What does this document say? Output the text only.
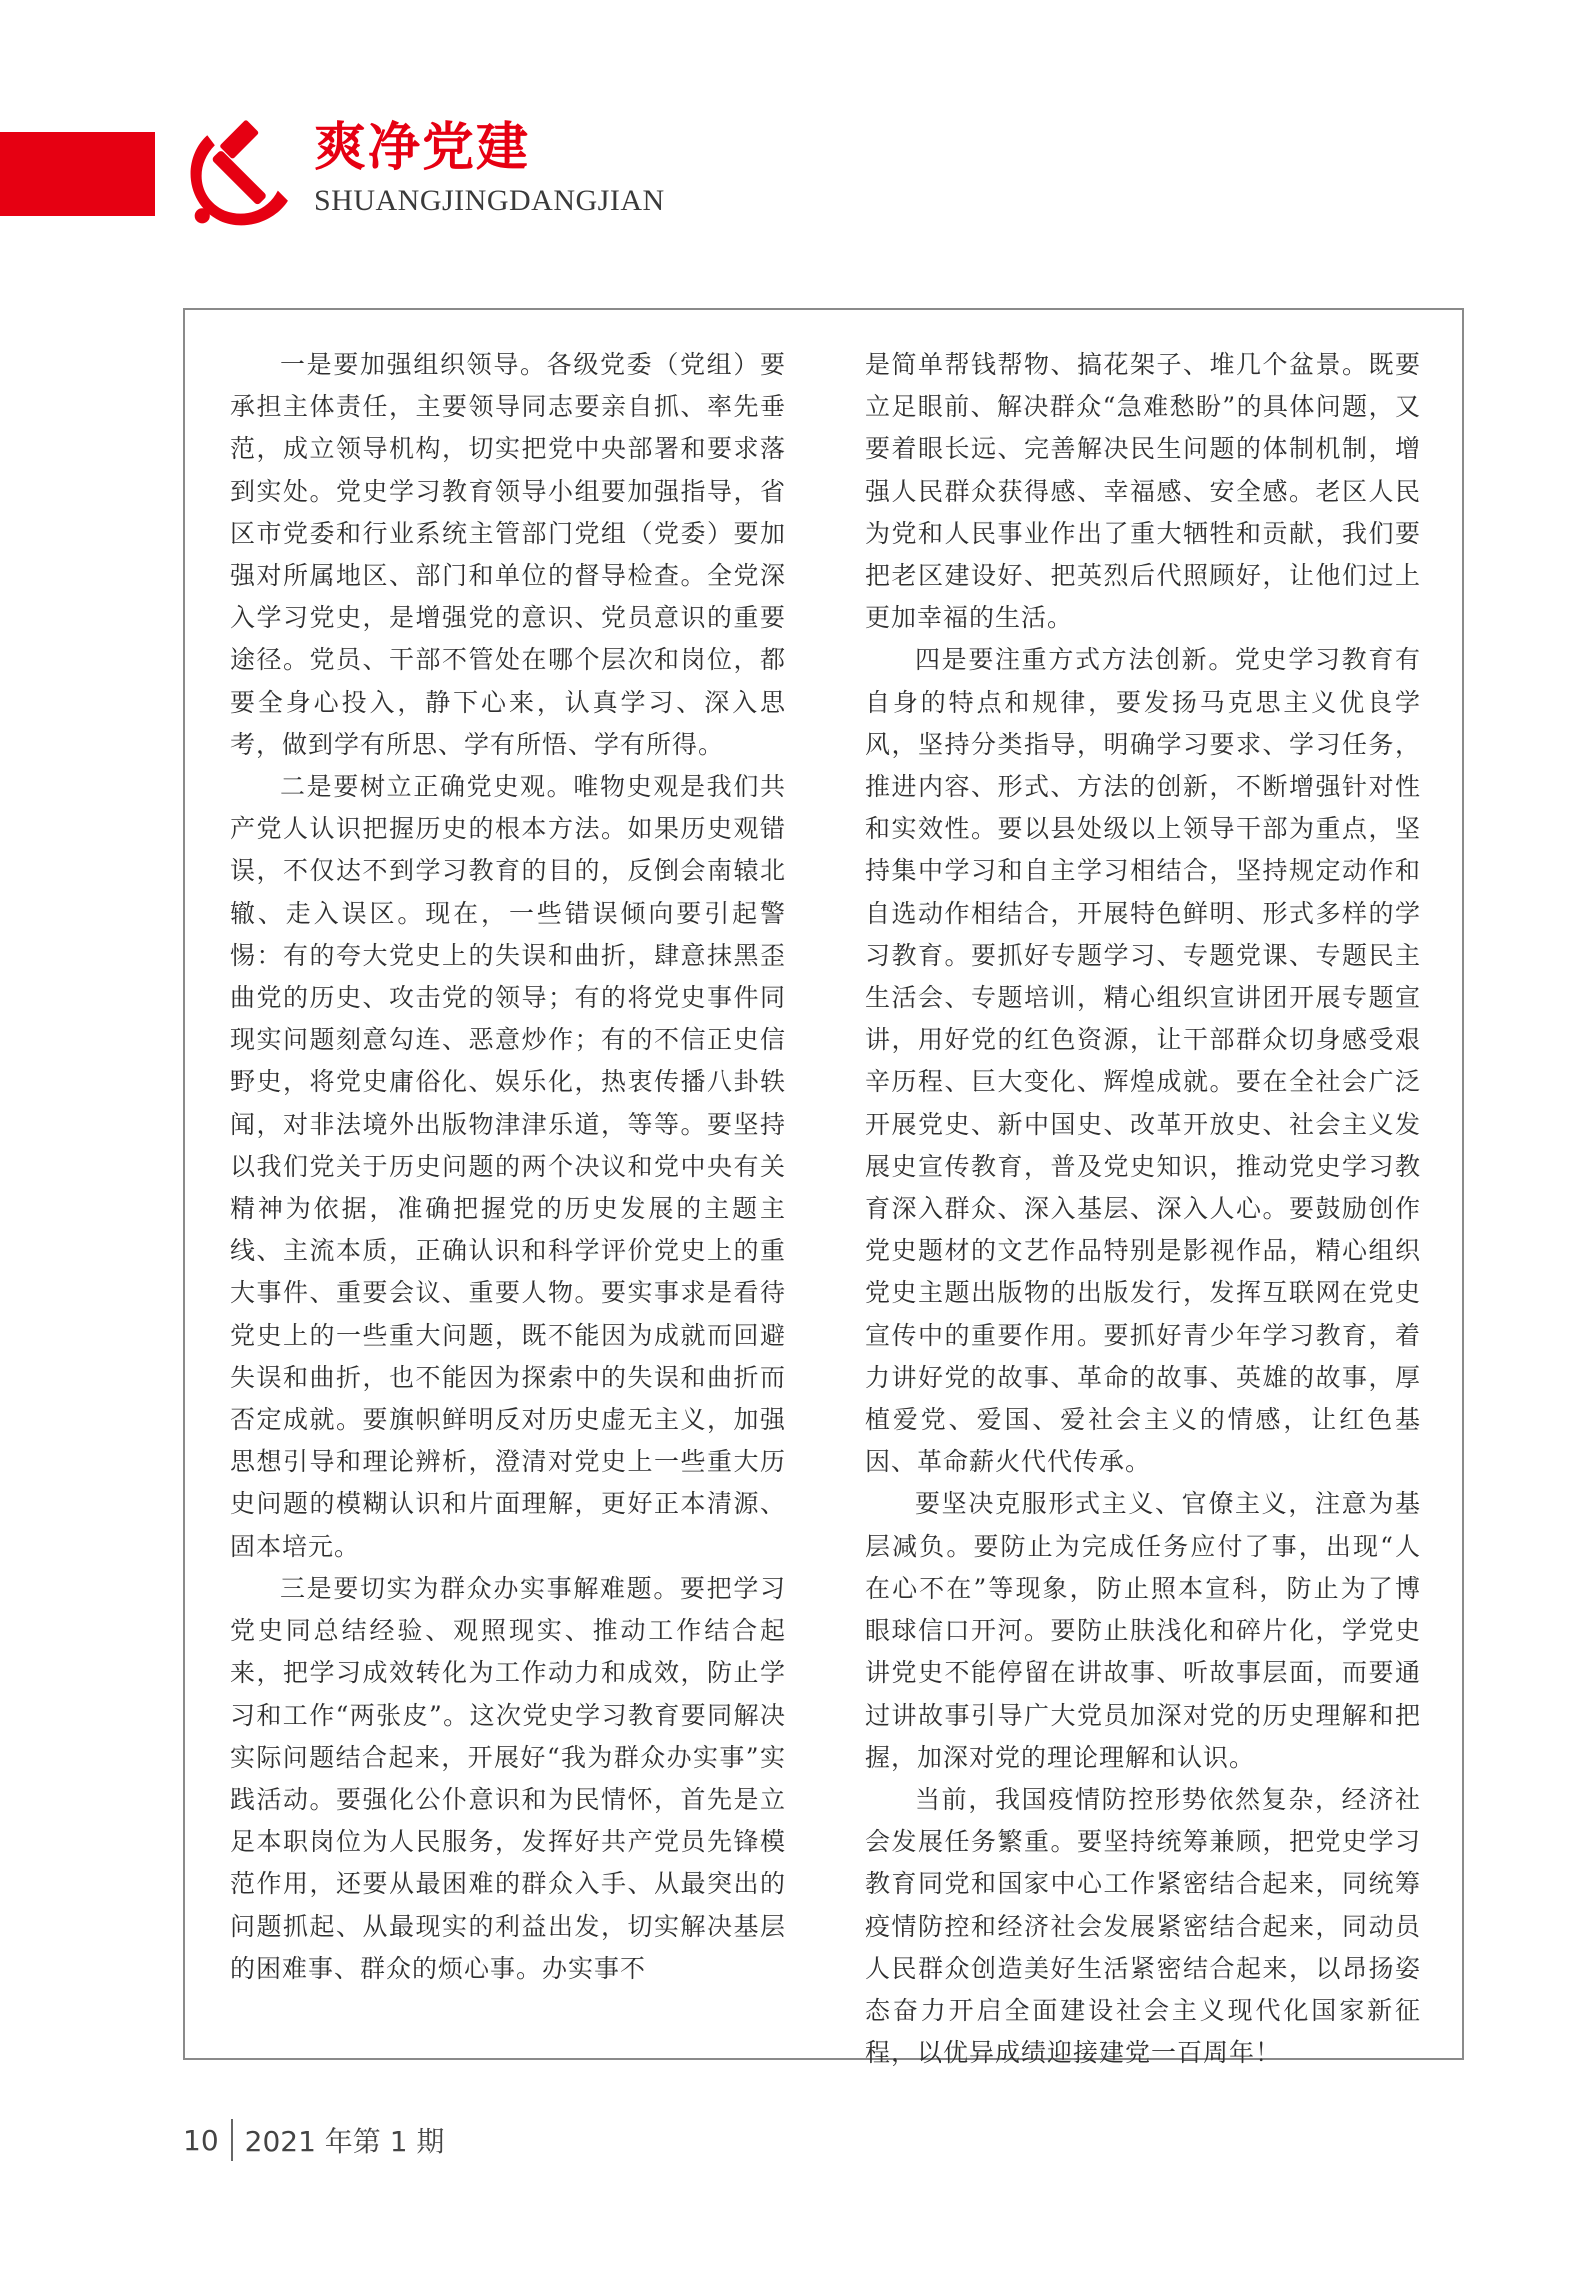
爽净党建
SHUANGJINGDANGJIAN

一是要加强组织领导。各级党委（党组）要承担主体责任，主要领导同志要亲自抓、率先垂范，成立领导机构，切实把党中央部署和要求落到实处。党史学习教育领导小组要加强指导，省区市党委和行业系统主管部门党组（党委）要加强对所属地区、部门和单位的督导检查。全党深入学习党史，是增强党的意识、党员意识的重要途径。党员、干部不管处在哪个层次和岗位，都要全身心投入，静下心来，认真学习、深入思考，做到学有所思、学有所悟、学有所得。

二是要树立正确党史观。唯物史观是我们共产党人认识把握历史的根本方法。如果历史观错误，不仅达不到学习教育的目的，反倒会南辕北辙、走入误区。现在，一些错误倾向要引起警惕：有的夸大党史上的失误和曲折，肆意抹黑歪曲党的历史、攻击党的领导；有的将党史事件同现实问题刻意勾连、恶意炒作；有的不信正史信野史，将党史庸俗化、娱乐化，热衷传播八卦轶闻，对非法境外出版物津津乐道，等等。要坚持以我们党关于历史问题的两个决议和党中央有关精神为依据，准确把握党的历史发展的主题主线、主流本质，正确认识和科学评价党史上的重大事件、重要会议、重要人物。要实事求是看待党史上的一些重大问题，既不能因为成就而回避失误和曲折，也不能因为探索中的失误和曲折而否定成就。要旗帜鲜明反对历史虚无主义，加强思想引导和理论辨析，澄清对党史上一些重大历史问题的模糊认识和片面理解，更好正本清源、固本培元。

三是要切实为群众办实事解难题。要把学习党史同总结经验、观照现实、推动工作结合起来，把学习成效转化为工作动力和成效，防止学习和工作“两张皮”。这次党史学习教育要同解决实际问题结合起来，开展好“我为群众办实事”实践活动。要强化公仆意识和为民情怀，首先是立足本职岗位为人民服务，发挥好共产党员先锋模范作用，还要从最困难的群众入手、从最突出的问题抓起、从最现实的利益出发，切实解决基层的困难事、群众的烦心事。办实事不

是简单帮钱帮物、搞花架子、堆几个盆景。既要立足眼前、解决群众“急难愁盼”的具体问题，又要着眼长远、完善解决民生问题的体制机制，增强人民群众获得感、幸福感、安全感。老区人民为党和人民事业作出了重大牺牲和贡献，我们要把老区建设好、把英烈后代照顾好，让他们过上更加幸福的生活。

四是要注重方式方法创新。党史学习教育有自身的特点和规律，要发扬马克思主义优良学风，坚持分类指导，明确学习要求、学习任务，推进内容、形式、方法的创新，不断增强针对性和实效性。要以县处级以上领导干部为重点，坚持集中学习和自主学习相结合，坚持规定动作和自选动作相结合，开展特色鲜明、形式多样的学习教育。要抓好专题学习、专题党课、专题民主生活会、专题培训，精心组织宣讲团开展专题宣讲，用好党的红色资源，让干部群众切身感受艰辛历程、巨大变化、辉煌成就。要在全社会广泛开展党史、新中国史、改革开放史、社会主义发展史宣传教育，普及党史知识，推动党史学习教育深入群众、深入基层、深入人心。要鼓励创作党史题材的文艺作品特别是影视作品，精心组织党史主题出版物的出版发行，发挥互联网在党史宣传中的重要作用。要抓好青少年学习教育，着力讲好党的故事、革命的故事、英雄的故事，厚植爱党、爱国、爱社会主义的情感，让红色基因、革命薪火代代传承。

要坚决克服形式主义、官僚主义，注意为基层减负。要防止为完成任务应付了事，出现“人在心不在”等现象，防止照本宣科，防止为了博眼球信口开河。要防止肤浅化和碎片化，学党史讲党史不能停留在讲故事、听故事层面，而要通过讲故事引导广大党员加深对党的历史理解和把握，加深对党的理论理解和认识。

当前，我国疫情防控形势依然复杂，经济社会发展任务繁重。要坚持统筹兼顾，把党史学习教育同党和国家中心工作紧密结合起来，同统筹疫情防控和经济社会发展紧密结合起来，同动员人民群众创造美好生活紧密结合起来，以昂扬姿态奋力开启全面建设社会主义现代化国家新征程，以优异成绩迎接建党一百周年！

10 2021 年第 1 期
